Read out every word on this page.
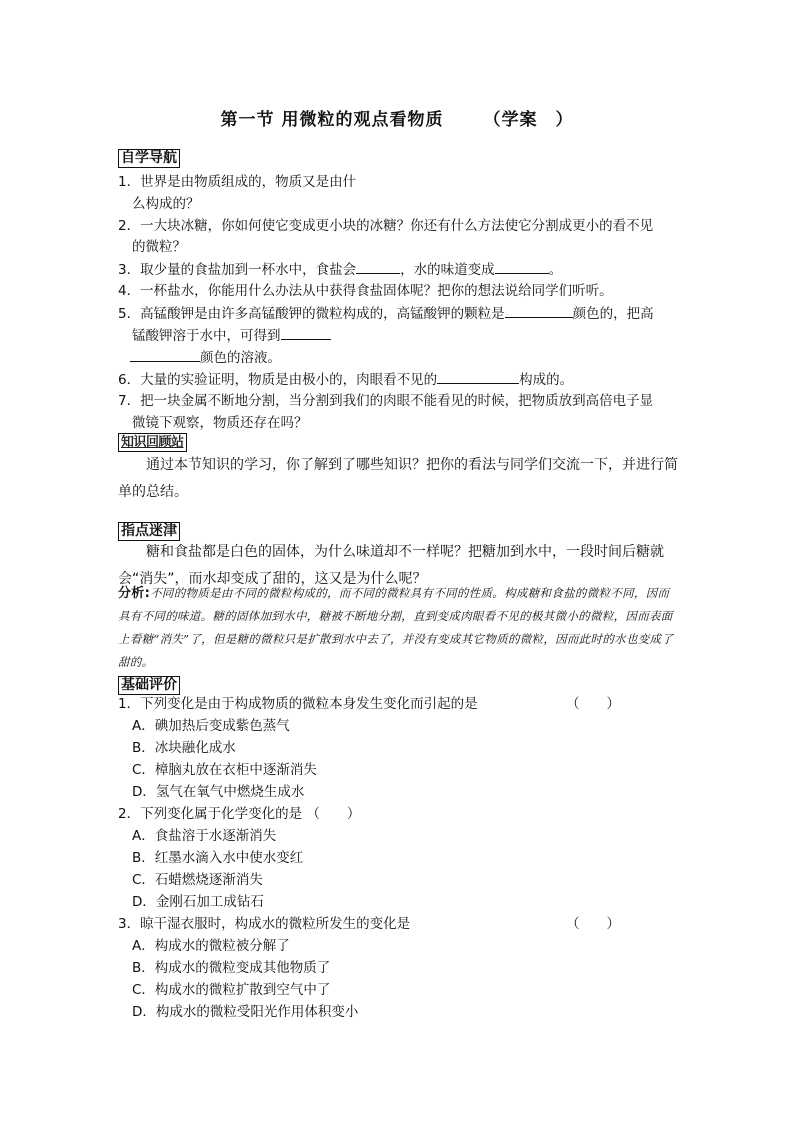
第一节 用微粒的观点看物质 （学案 ）
自学导航
1．世界是由物质组成的，物质又是由什
么构成的？
2．一大块冰糖，你如何使它变成更小块的冰糖？你还有什么方法使它分割成更小的看不见
的微粒？
3．取少量的食盐加到一杯水中，食盐会	，水的味道变成	。
4．一杯盐水，你能用什么办法从中获得食盐固体呢？把你的想法说给同学们听听。
5．高锰酸钾是由许多高锰酸钾的微粒构成的，高锰酸钾的颗粒是	颜色的，把高
锰酸钾溶于水中，可得到
颜色的溶液。
6．大量的实验证明，物质是由极小的，肉眼看不见的	构成的。
7．把一块金属不断地分割，当分割到我们的肉眼不能看见的时候，把物质放到高倍电子显
微镜下观察，物质还存在吗？
知识回顾站
通过本节知识的学习，你了解到了哪些知识？把你的看法与同学们交流一下，并进行简单的总结。
指点迷津
糖和食盐都是白色的固体，为什么味道却不一样呢？把糖加到水中，一段时间后糖就会“消失”，而水却变成了甜的，这又是为什么呢？
分析:不同的物质是由不同的微粒构成的，而不同的微粒具有不同的性质。构成糖和食盐的微粒不同，因而具有不同的味道。糖的固体加到水中，糖被不断地分割，直到变成肉眼看不见的极其微小的微粒，因而表面上看糖“消失”了，但是糖的微粒只是扩散到水中去了，并没有变成其它物质的微粒，因而此时的水也变成了甜的。
基础评价
1．下列变化是由于构成物质的微粒本身发生变化而引起的是	（　　）
A．碘加热后变成紫色蒸气
B．冰块融化成水
C．樟脑丸放在衣柜中逐渐消失
D．氢气在氧气中燃烧生成水
2．下列变化属于化学变化的是 （　　）
A．食盐溶于水逐渐消失
B．红墨水滴入水中使水变红
C．石蜡燃烧逐渐消失
D．金刚石加工成钻石
3．晾干湿衣服时，构成水的微粒所发生的变化是	（　　）
A．构成水的微粒被分解了
B．构成水的微粒变成其他物质了
C．构成水的微粒扩散到空气中了
D．构成水的微粒受阳光作用体积变小
